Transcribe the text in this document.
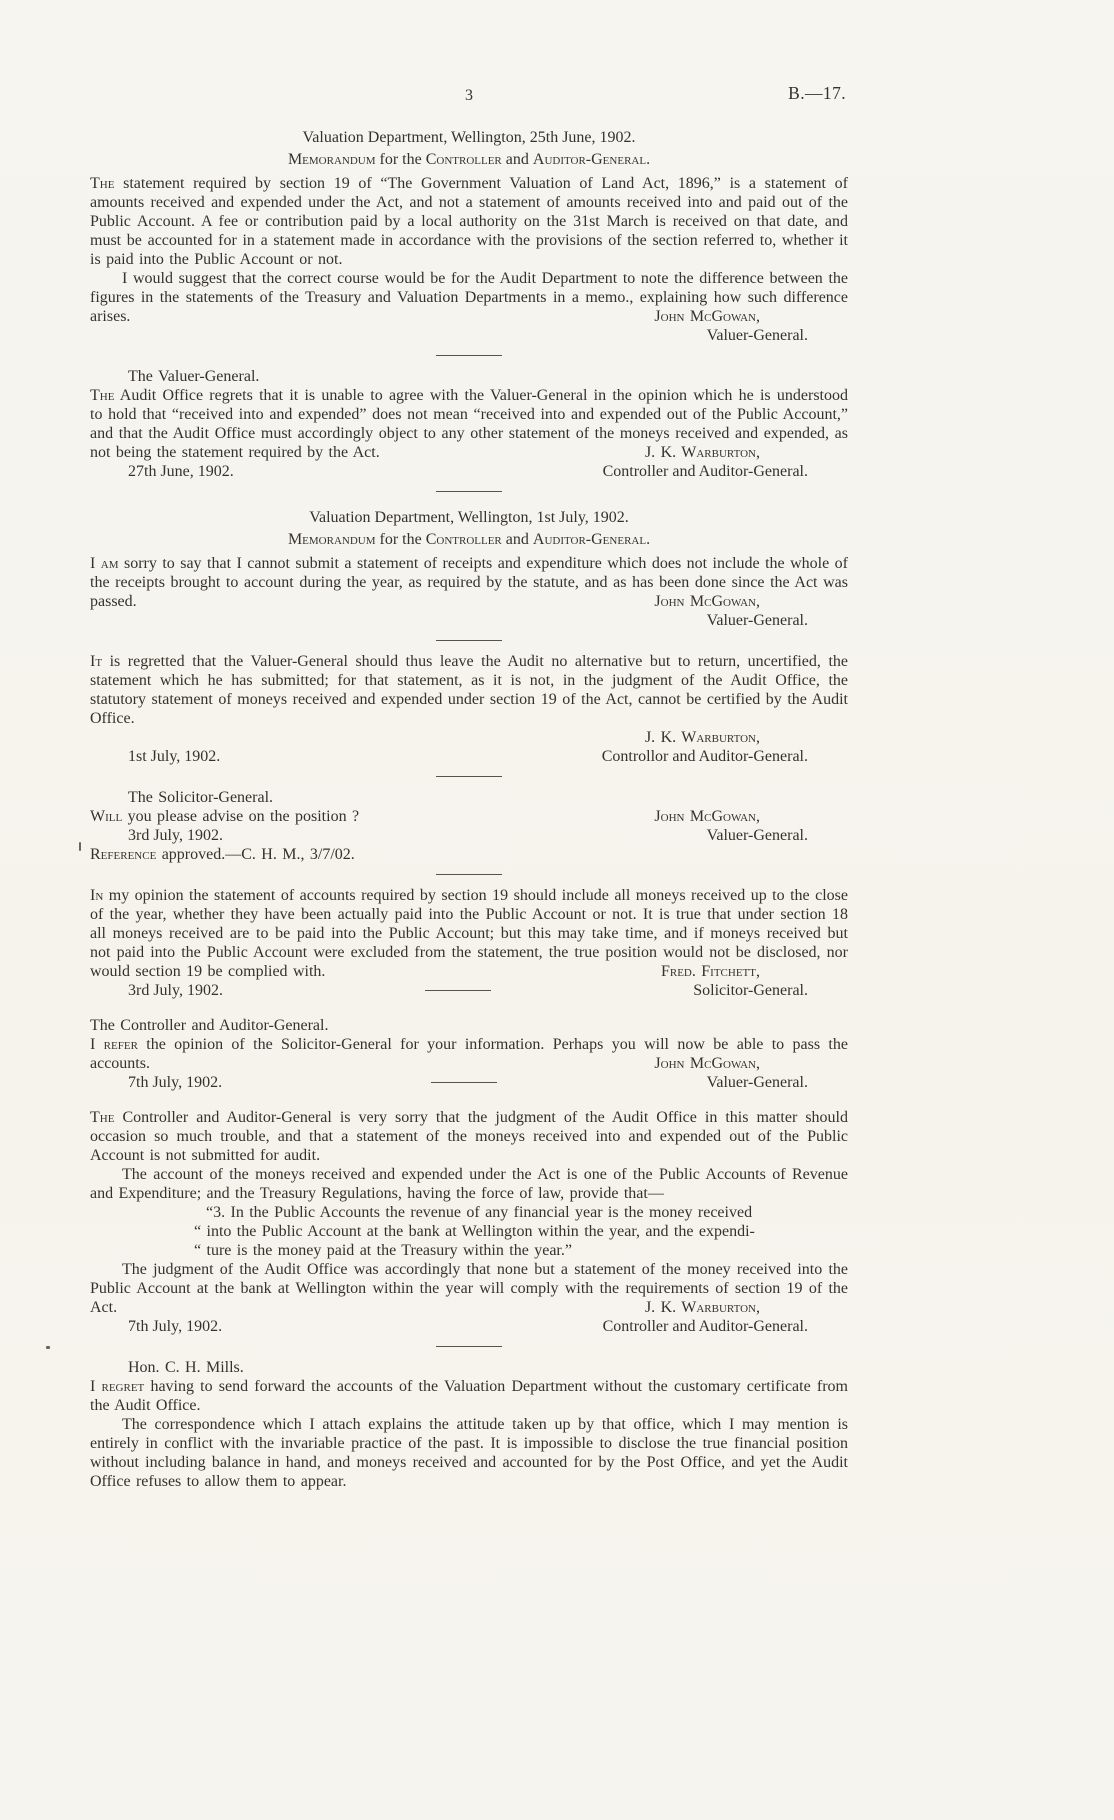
3	B.—17.

Valuation Department, Wellington, 25th June, 1902.

Memorandum for the Controller and Auditor-General.

The statement required by section 19 of “The Government Valuation of Land Act, 1896,” is a statement of amounts received and expended under the Act, and not a statement of amounts received into and paid out of the Public Account. A fee or contribution paid by a local authority on the 31st March is received on that date, and must be accounted for in a statement made in accordance with the provisions of the section referred to, whether it is paid into the Public Account or not.

I would suggest that the correct course would be for the Audit Department to note the difference between the figures in the statements of the Treasury and Valuation Departments in a memo., explaining how such difference arises.	John McGowan,

Valuer-General.

The Valuer-General.

The Audit Office regrets that it is unable to agree with the Valuer-General in the opinion which he is understood to hold that “received into and expended” does not mean “received into and expended out of the Public Account,” and that the Audit Office must accordingly object to any other statement of the moneys received and expended, as not being the statement required by the Act.	J. K. Warburton,

27th June, 1902.	Controller and Auditor-General.

Valuation Department, Wellington, 1st July, 1902.

Memorandum for the Controller and Auditor-General.

I am sorry to say that I cannot submit a statement of receipts and expenditure which does not include the whole of the receipts brought to account during the year, as required by the statute, and as has been done since the Act was passed.	John McGowan,

Valuer-General.

It is regretted that the Valuer-General should thus leave the Audit no alternative but to return, uncertified, the statement which he has submitted; for that statement, as it is not, in the judgment of the Audit Office, the statutory statement of moneys received and expended under section 19 of the Act, cannot be certified by the Audit Office.

J. K. Warburton,

1st July, 1902.	Controllor and Auditor-General.

The Solicitor-General.

Will you please advise on the position ?	John McGowan,

3rd July, 1902.	Valuer-General.

Reference approved.—C. H. M., 3/7/02.

In my opinion the statement of accounts required by section 19 should include all moneys received up to the close of the year, whether they have been actually paid into the Public Account or not. It is true that under section 18 all moneys received are to be paid into the Public Account; but this may take time, and if moneys received but not paid into the Public Account were excluded from the statement, the true position would not be disclosed, nor would section 19 be complied with.	Fred. Fitchett,

3rd July, 1902.	Solicitor-General.

The Controller and Auditor-General.

I refer the opinion of the Solicitor-General for your information. Perhaps you will now be able to pass the accounts.	John McGowan,

7th July, 1902.	Valuer-General.

The Controller and Auditor-General is very sorry that the judgment of the Audit Office in this matter should occasion so much trouble, and that a statement of the moneys received into and expended out of the Public Account is not submitted for audit.

The account of the moneys received and expended under the Act is one of the Public Accounts of Revenue and Expenditure; and the Treasury Regulations, having the force of law, provide that—

“3. In the Public Accounts the revenue of any financial year is the money received

“ into the Public Account at the bank at Wellington within the year, and the expendi-

“ ture is the money paid at the Treasury within the year.”

The judgment of the Audit Office was accordingly that none but a statement of the money received into the Public Account at the bank at Wellington within the year will comply with the requirements of section 19 of the Act.	J. K. Warburton,

7th July, 1902.	Controller and Auditor-General.

Hon. C. H. Mills.

I regret having to send forward the accounts of the Valuation Department without the customary certificate from the Audit Office.

The correspondence which I attach explains the attitude taken up by that office, which I may mention is entirely in conflict with the invariable practice of the past. It is impossible to disclose the true financial position without including balance in hand, and moneys received and accounted for by the Post Office, and yet the Audit Office refuses to allow them to appear.
